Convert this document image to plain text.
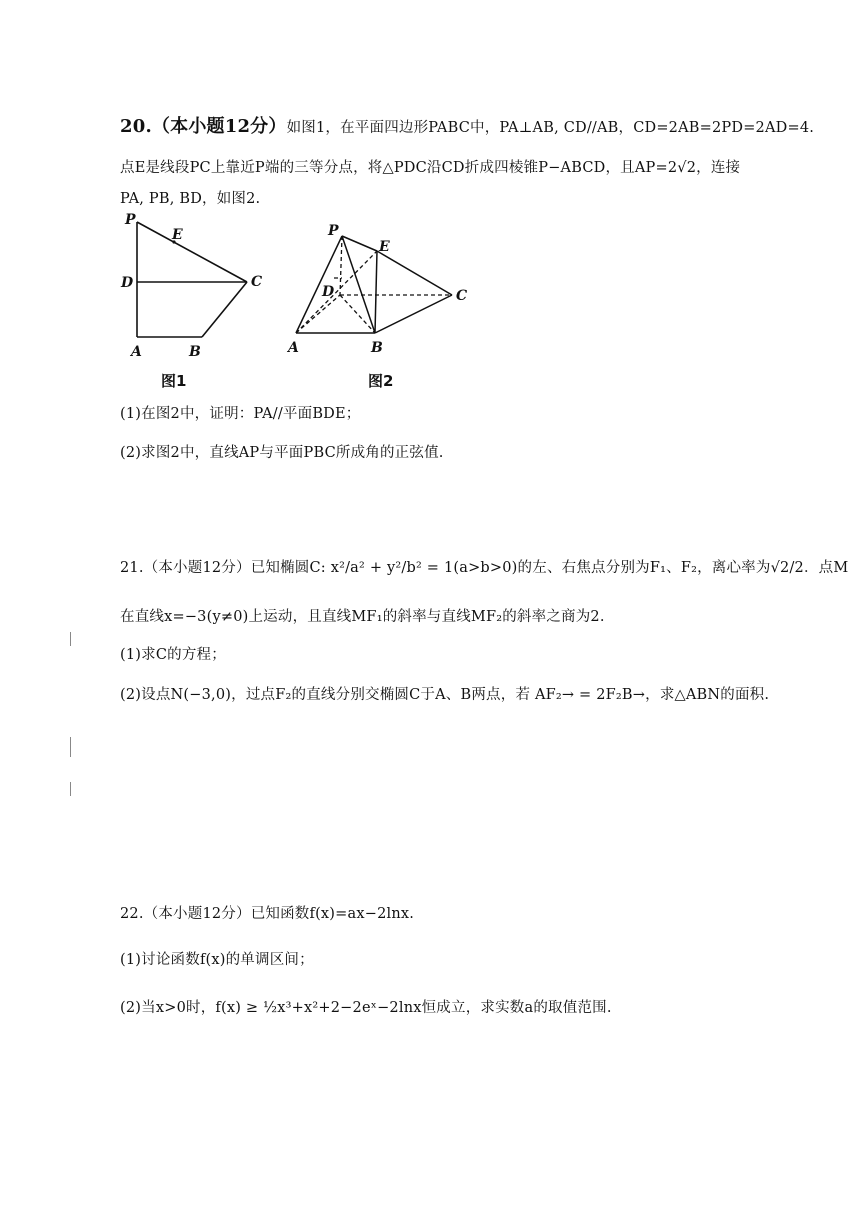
20.（本小题12分）如图1，在平面四边形PABC中，PA⊥AB, CD//AB，CD=2AB=2PD=2AD=4.
点E是线段PC上靠近P端的三等分点，将△PDC沿CD折成四棱锥P−ABCD，且AP=2√2，连接
PA, PB, BD，如图2.
P
E
D	C
A	B
图1
P
E
D	C
A	B
图2
(1)在图2中，证明：PA//平面BDE；
(2)求图2中，直线AP与平面PBC所成角的正弦值.
21.（本小题12分）已知椭圆C: x²/a² + y²/b² = 1(a>b>0)的左、右焦点分别为F₁、F₂，离心率为√2/2．点M
在直线x=−3(y≠0)上运动，且直线MF₁的斜率与直线MF₂的斜率之商为2.
(1)求C的方程；
(2)设点N(−3,0)，过点F₂的直线分别交椭圆C于A、B两点，若 AF₂→ = 2F₂B→，求△ABN的面积.
22.（本小题12分）已知函数f(x)=ax−2lnx.
(1)讨论函数f(x)的单调区间；
(2)当x>0时，f(x) ≥ ½x³+x²+2−2eˣ−2lnx恒成立，求实数a的取值范围.
